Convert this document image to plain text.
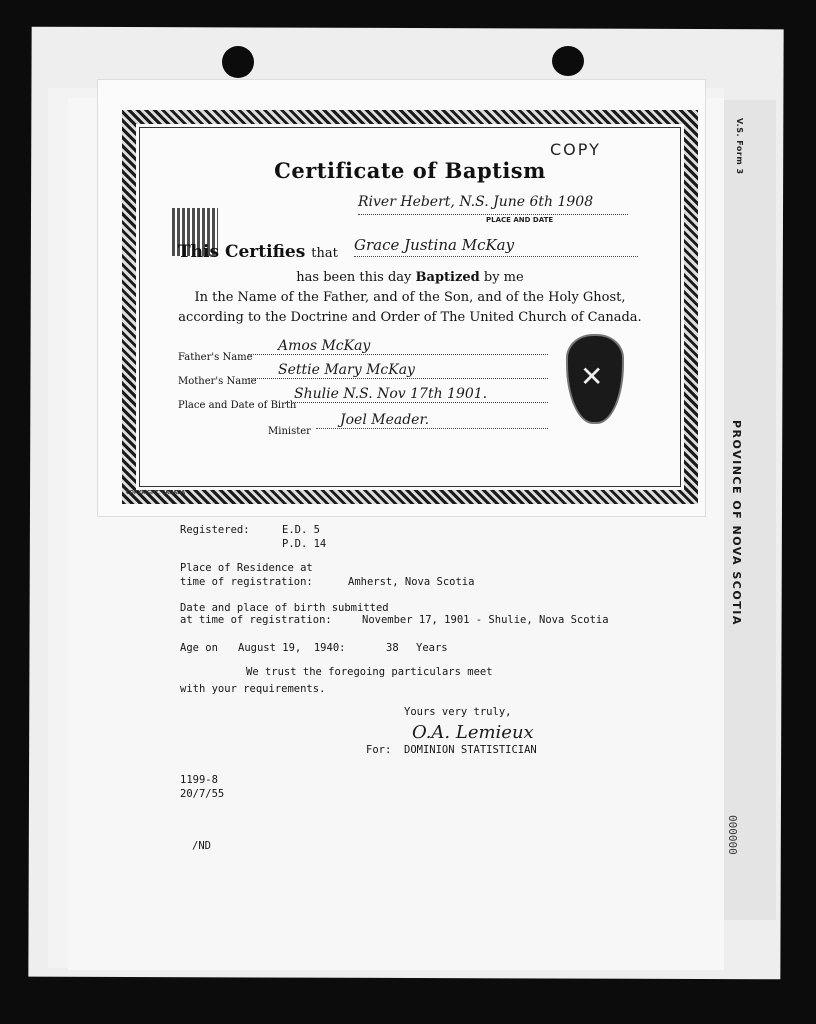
V.S. Form 3
PROVINCE OF NOVA SCOTIA
000000
Certificate of Baptism
COPY
River Hebert, N.S. June 6th 1908
PLACE AND DATE
This Certifies that Grace Justina McKay
has been this day Baptized by me
In the Name of the Father, and of the Son, and of the Holy Ghost,
according to the Doctrine and Order of The United Church of Canada.
Father's Name
Amos McKay
Mother's Name
Settie Mary McKay
Place and Date of Birth
Shulie N.S. Nov 17th 1901.
Minister
Joel Meader.
✕
COPYRIGHT, CANADA
Registered:	E.D. 5
P.D. 14
Place of Residence at
time of registration:	Amherst, Nova Scotia
Date and place of birth submitted
at time of registration:	November 17, 1901 - Shulie, Nova Scotia
Age on August 19,  1940:	38 Years
We trust the foregoing particulars meet
with your requirements.
Yours very truly,
O.A. Lemieux
For: DOMINION STATISTICIAN
1199-8
20/7/55
/ND
